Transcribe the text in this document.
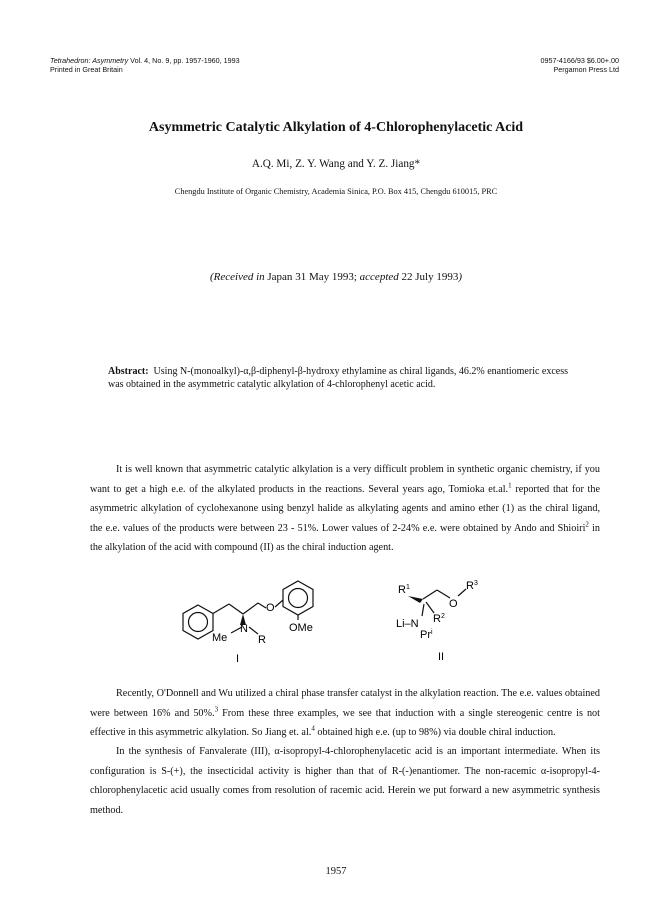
Tetrahedron: Asymmetry Vol. 4, No. 9, pp. 1957-1960, 1993
Printed in Great Britain
0957-4166/93 $6.00+.00
Pergamon Press Ltd
Asymmetric Catalytic Alkylation of 4-Chlorophenylacetic Acid
A.Q. Mi, Z. Y. Wang and Y. Z. Jiang*
Chengdu Institute of Organic Chemistry, Academia Sinica, P.O. Box 415, Chengdu 610015, PRC
(Received in Japan 31 May 1993; accepted 22 July 1993)
Abstract: Using N-(monoalkyl)-α,β-diphenyl-β-hydroxy ethylamine as chiral ligands, 46.2% enantiomeric excess was obtained in the asymmetric catalytic alkylation of 4-chlorophenyl acetic acid.
It is well known that asymmetric catalytic alkylation is a very difficult problem in synthetic organic chemistry, if you want to get a high e.e. of the alkylated products in the reactions. Several years ago, Tomioka et.al.$^1$ reported that for the asymmetric alkylation of cyclohexanone using benzyl halide as alkylating agents and amino ether (1) as the chiral ligand, the e.e. values of the products were between 23 - 51%. Lower values of 2-24% e.e. were obtained by Ando and Shioiri$^2$ in the alkylation of the acid with compound (II) as the chiral induction agent.
O
N
Me	R
OMe
I
$R^1$
O
$R^3$
Li–N $R^2$
Pr$^i$
II
Recently, O'Donnell and Wu utilized a chiral phase transfer catalyst in the alkylation reaction. The e.e. values obtained were between 16% and 50%.$^3$ From these three examples, we see that induction with a single stereogenic centre is not effective in this asymmetric alkylation. So Jiang et. al.$^4$ obtained high e.e. (up to 98%) via double chiral induction.
In the synthesis of Fanvalerate (III), α-isopropyl-4-chlorophenylacetic acid is an important intermediate. When its configuration is S-(+), the insecticidal activity is higher than that of R-(-)enantiomer. The non-racemic α-isopropyl-4-chlorophenylacetic acid usually comes from resolution of racemic acid. Herein we put forward a new asymmetric synthesis method.
1957
